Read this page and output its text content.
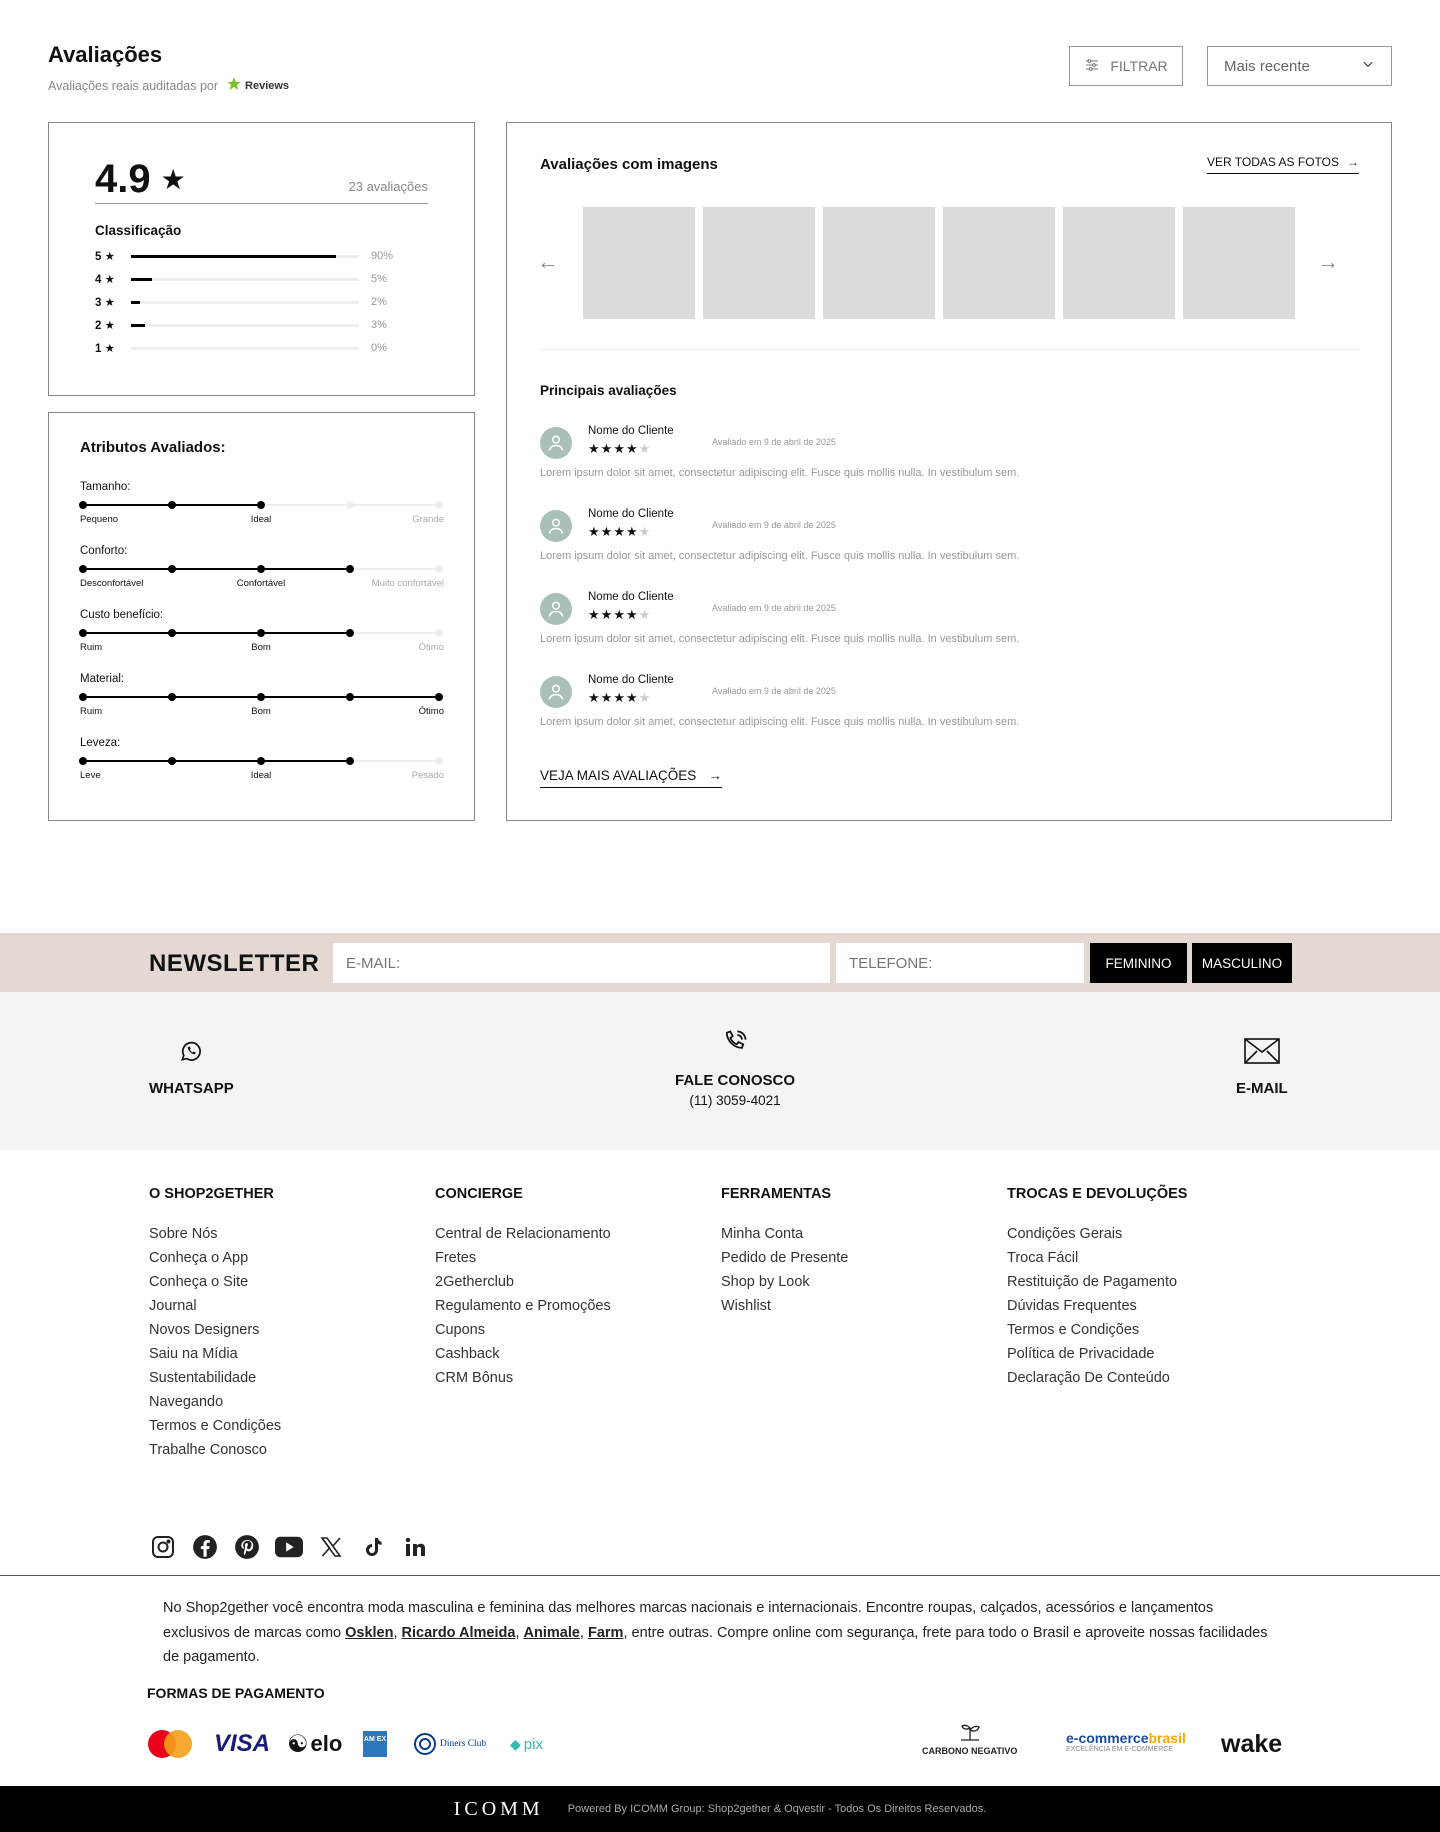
Avaliações
Avaliações reais auditadas por Reviews
FILTRAR	Mais recente
4.9 ★	23 avaliações
Classificação
5 ★	90%
4 ★	5%
3 ★	2%
2 ★	3%
1 ★	0%
Atributos Avaliados:
Tamanho:
Pequeno	Ideal	Grande
Conforto:
Desconfortável	Confortável	Muito confortável
Custo benefício:
Ruim	Bom	Ótimo
Material:
Ruim	Bom	Ótimo
Leveza:
Leve	Ideal	Pesado
Avaliações com imagens	VER TODAS AS FOTOS →
←	→
Principais avaliações
Nome do Cliente
★★★★★	Avaliado em 9 de abril de 2025
Lorem ipsum dolor sit amet, consectetur adipiscing elit. Fusce quis mollis nulla. In vestibulum sem.
Nome do Cliente
★★★★★	Avaliado em 9 de abril de 2025
Lorem ipsum dolor sit amet, consectetur adipiscing elit. Fusce quis mollis nulla. In vestibulum sem.
Nome do Cliente
★★★★★	Avaliado em 9 de abril de 2025
Lorem ipsum dolor sit amet, consectetur adipiscing elit. Fusce quis mollis nulla. In vestibulum sem.
Nome do Cliente
★★★★★	Avaliado em 9 de abril de 2025
Lorem ipsum dolor sit amet, consectetur adipiscing elit. Fusce quis mollis nulla. In vestibulum sem.
VEJA MAIS AVALIAÇÕES →
NEWSLETTER
E-MAIL:
TELEFONE:	FEMININO	MASCULINO
WHATSAPP	FALE CONOSCO
(11) 3059-4021
E-MAIL
O SHOP2GETHER
Sobre Nós
Conheça o App
Conheça o Site
Journal
Novos Designers
Saiu na Mídia
Sustentabilidade
Navegando
Termos e Condições
Trabalhe Conosco
CONCIERGE
Central de Relacionamento
Fretes
2Getherclub
Regulamento e Promoções
Cupons
Cashback
CRM Bônus
FERRAMENTAS
Minha Conta
Pedido de Presente
Shop by Look
Wishlist
TROCAS E DEVOLUÇÕES
Condições Gerais
Troca Fácil
Restituição de Pagamento
Dúvidas Frequentes
Termos e Condições
Política de Privacidade
Declaração De Conteúdo
No Shop2gether você encontra moda masculina e feminina das melhores marcas nacionais e internacionais. Encontre roupas, calçados, acessórios e lançamentos exclusivos de marcas como Osklen, Ricardo Almeida, Animale, Farm, entre outras. Compre online com segurança, frete para todo o Brasil e aproveite nossas facilidades de pagamento.
FORMAS DE PAGAMENTO
VISA ☯ elo	AM EX	Diners Club ◆ pix	CARBONO NEGATIVO
e-commercebrasil
EXCELÊNCIA EM E-COMMERCE wake
ICOMM Powered By ICOMM Group: Shop2gether & Oqvestir - Todos Os Direitos Reservados.
